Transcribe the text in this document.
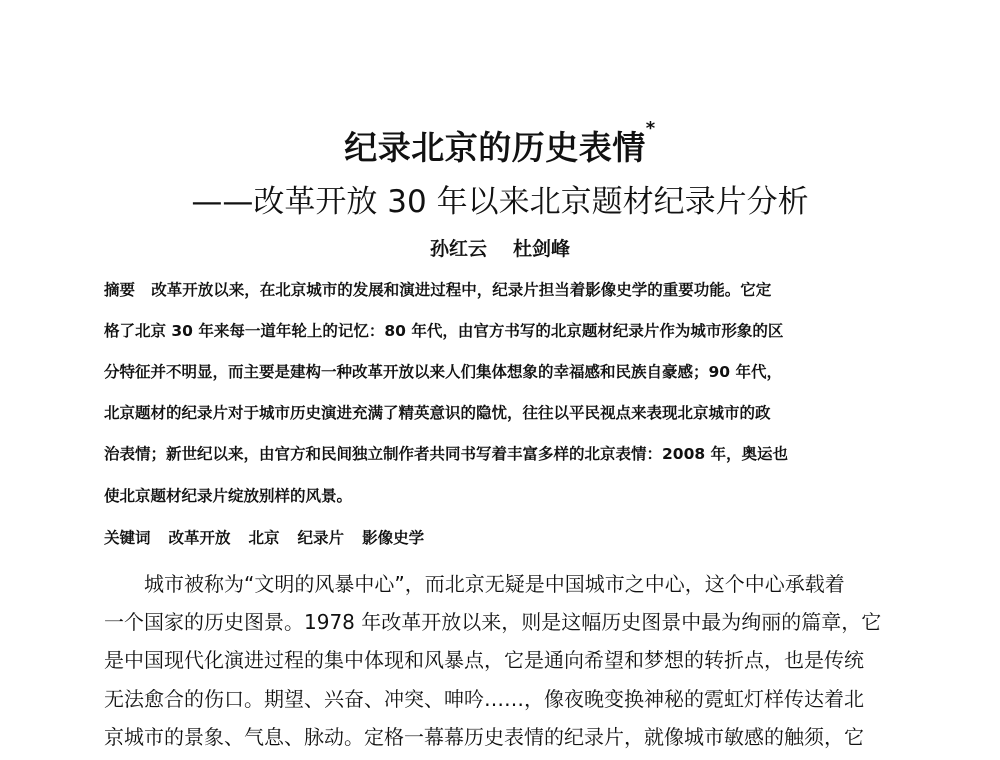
纪录北京的历史表情*
——改革开放 30 年以来北京题材纪录片分析
孙红云 杜剑峰
摘要 改革开放以来，在北京城市的发展和演进过程中，纪录片担当着影像史学的重要功能。它定
格了北京 30 年来每一道年轮上的记忆：80 年代，由官方书写的北京题材纪录片作为城市形象的区
分特征并不明显，而主要是建构一种改革开放以来人们集体想象的幸福感和民族自豪感；90 年代，
北京题材的纪录片对于城市历史演进充满了精英意识的隐忧，往往以平民视点来表现北京城市的政
治表情；新世纪以来，由官方和民间独立制作者共同书写着丰富多样的北京表情：2008 年，奥运也
使北京题材纪录片绽放别样的风景。
关键词 改革开放 北京 纪录片 影像史学
城市被称为“文明的风暴中心”，而北京无疑是中国城市之中心，这个中心承载着
一个国家的历史图景。1978 年改革开放以来，则是这幅历史图景中最为绚丽的篇章，它
是中国现代化演进过程的集中体现和风暴点，它是通向希望和梦想的转折点，也是传统
无法愈合的伤口。期望、兴奋、冲突、呻吟……，像夜晚变换神秘的霓虹灯样传达着北
京城市的景象、气息、脉动。定格一幕幕历史表情的纪录片，就像城市敏感的触须，它
